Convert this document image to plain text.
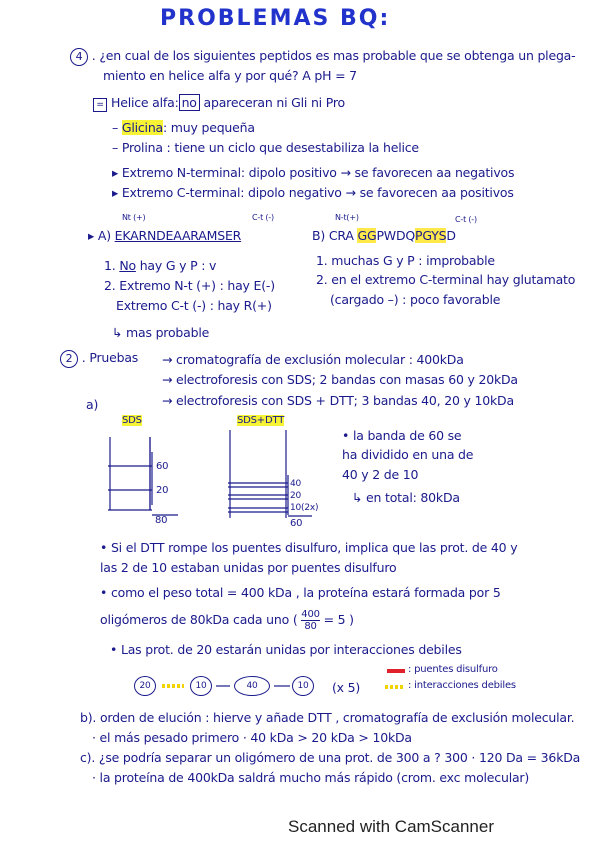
PROBLEMAS BQ:
4 . ¿en cual de los siguientes peptidos es mas probable que se obtenga un plega-
miento en helice alfa y por qué? A pH = 7
= Helice alfa: no apareceran ni Gli ni Pro
– Glicina: muy pequeña
– Prolina : tiene un ciclo que desestabiliza la helice
▸ Extremo N-terminal: dipolo positivo → se favorecen aa negativos
▸ Extremo C-terminal: dipolo negativo → se favorecen aa positivos
Nt (+)	C-t (-)
▸ A) EKARNDEAARAMSER
1. No hay G y P : v
2. Extremo N-t (+) : hay E(-)
Extremo C-t (-) : hay R(+)
↳ mas probable
N-t(+)	C-t (-)
B) CRA GGPWDQPGYSD
1. muchas G y P : improbable
2. en el extremo C-terminal hay glutamato
(cargado –) : poco favorable
2 . Pruebas → cromatografía de exclusión molecular : 400kDa
→ electroforesis con SDS; 2 bandas con masas 60 y 20kDa
→ electroforesis con SDS + DTT; 3 bandas 40, 20 y 10kDa
a)
SDS	SDS+DTT
60
20
80
40
20
10(2x)
60
• la banda de 60 se
ha dividido en una de
40 y 2 de 10
↳ en total: 80kDa
• Si el DTT rompe los puentes disulfuro, implica que las prot. de 40 y
las 2 de 10 estaban unidas por puentes disulfuro
• como el peso total = 400 kDa , la proteína estará formada por 5
oligómeros de 80kDa cada uno ( $\frac{400}{80} = 5$ )
• Las prot. de 20 estarán unidas por interacciones debiles
20	10	40	10	(x 5)
: puentes disulfuro
: interacciones debiles
b). orden de elución : hierve y añade DTT , cromatografía de exclusión molecular.
· el más pesado primero · 40 kDa > 20 kDa > 10kDa
c). ¿se podría separar un oligómero de una prot. de 300 a ? 300 · 120 Da = 36kDa
· la proteína de 400kDa saldrá mucho más rápido (crom. exc molecular)
Scanned with CamScanner
